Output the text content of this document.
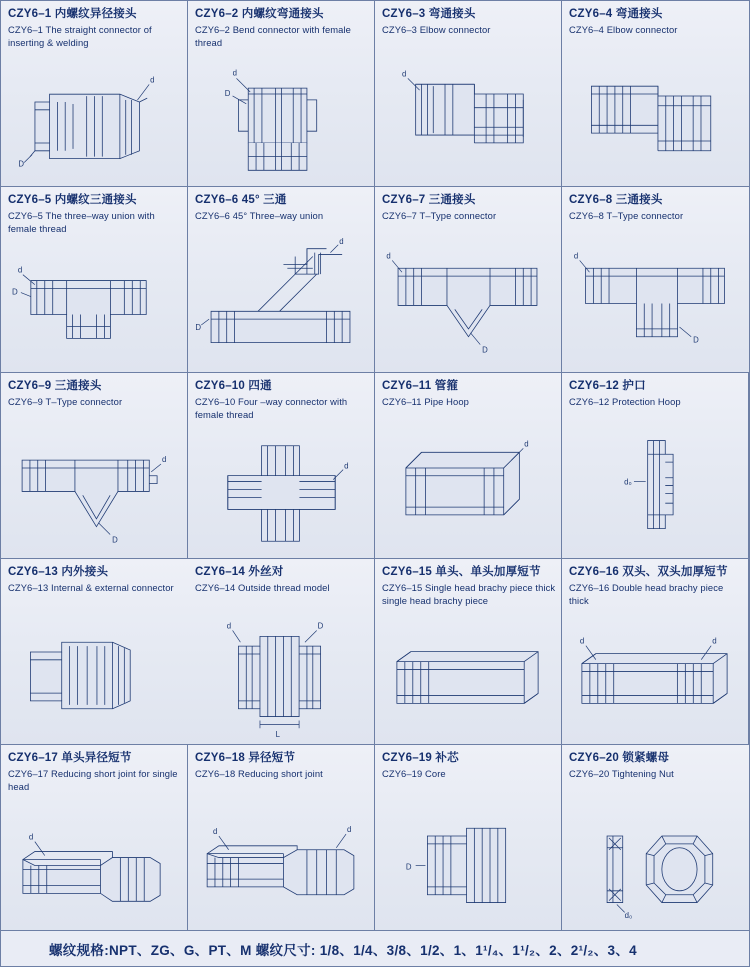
CZY6–1 内螺纹异径接头
CZY6–1 The straight connector of inserting & welding
d
D
CZY6–2 内螺纹弯通接头
CZY6–2 Bend connector with female thread
d
D
CZY6–3 弯通接头
CZY6–3 Elbow connector
d
CZY6–4 弯通接头
CZY6–4 Elbow connector
CZY6–5 内螺纹三通接头
CZY6–5 The three–way union with female thread
d
D
CZY6–6 45° 三通
CZY6–6 45° Three–way union
d
D
CZY6–7 三通接头
CZY6–7 T–Type connector
d
D
CZY6–8 三通接头
CZY6–8 T–Type connector
d
D
CZY6–9 三通接头
CZY6–9 T–Type connector
d
D
CZY6–10 四通
CZY6–10 Four –way connector with female thread
d
CZY6–11 管箍
CZY6–11 Pipe Hoop
d
CZY6–12 护口
CZY6–12 Protection Hoop
d₀
CZY6–13 内外接头
CZY6–13 Internal & external connector
CZY6–14 外丝对
CZY6–14 Outside thread model
d	D
L
CZY6–15 单头、单头加厚短节
CZY6–15 Single head brachy piece thick single head brachy piece
CZY6–16 双头、双头加厚短节
CZY6–16 Double head brachy piece thick
d	d
CZY6–17 单头异径短节
CZY6–17 Reducing short joint for single head
d
CZY6–18 异径短节
CZY6–18 Reducing short joint
d	d
CZY6–19 补芯
CZY6–19 Core
D
CZY6–20 锁紧螺母
CZY6–20 Tightening Nut
d₀
螺纹规格:NPT、ZG、G、PT、M 螺纹尺寸: 1/8、1/4、3/8、1/2、1、1¹/₄、1¹/₂、2、2¹/₂、3、4
